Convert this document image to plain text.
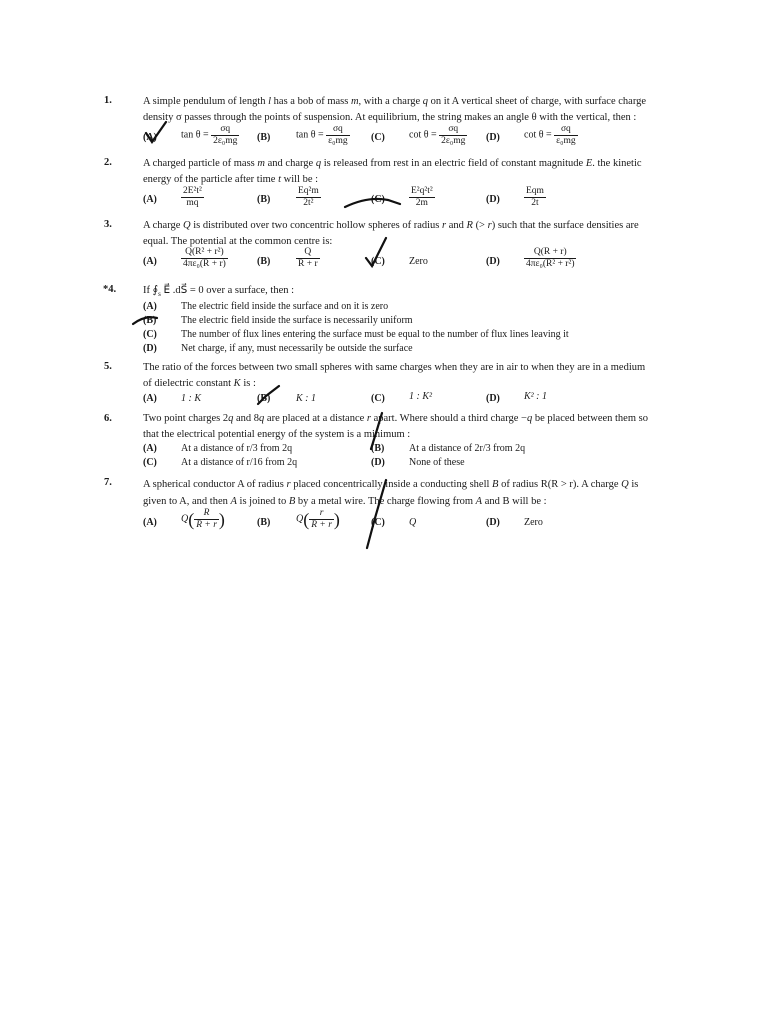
1.	A simple pendulum of length l has a bob of mass m, with a charge q on it A vertical sheet of charge, with surface charge density σ passes through the points of suspension. At equilibrium, the string makes an angle θ with the vertical, then :
(A) $\tan \theta = \frac{\sigma q}{\text{2ε₀mg}} (B)$	$\tan \theta = \frac{\sigma q}{\text{ε₀mg}} (C)$ $\cot \theta = \frac{\sigma q}{\text{2ε₀mg}} (D)$ $\cot \theta = \frac{\sigma q}{\text{ε₀mg}}$
2.	A charged particle of mass m and charge q is released from rest in an electric field of constant magnitude E. the kinetic energy of the particle after time t will be :
(A)	$\frac{\text{2E²t²}}{mq}$	(B)	$\frac{\text{Eq²m}}{\text{2t²}}$	(C)	$\frac{\text{E²q²t²}}{2m}$	(D)	$\frac{\text{Eqm}}{2t}$
3.	A charge Q is distributed over two concentric hollow spheres of radius r and R (> r) such that the surface densities are equal. The potential at the common centre is:
(A)	$\frac{\text{Q(R² + r²)}}{\text{4πε₀(R + r)}}$	(B)	$\frac{Q}{R + r}$	(C) Zero	(D)	$\frac{Q(R + r)}{\text{4πε₀(R² + r²)}}$
*4.	If $∮_s$ E⃗ .dS⃗ = 0 over a surface, then :
(A) The electric field inside the surface and on it is zero
(B) The electric field inside the surface is necessarily uniform
(C) The number of flux lines entering the surface must be equal to the number of flux lines leaving it
(D) Net charge, if any, must necessarily be outside the surface
5.	The ratio of the forces between two small spheres with same charges when they are in air to when they are in a medium of dielectric constant K is :
(A) 1 : K	(B)	K : 1	(C) 1 : K²	(D) K² : 1
6.	Two point charges 2q and 8q are placed at a distance r apart. Where should a third charge −q be placed between them so that the electrical potential energy of the system is a minimum :
(A) At a distance of r/3 from 2q	(B) At a distance of 2r/3 from 2q
(C) At a distance of r/16 from 2q	(D) None of these
7.	A spherical conductor A of radius r placed concentrically inside a conducting shell B of radius R(R > r). A charge Q is given to A, and then A is joined to B by a metal wire. The charge flowing from A and B will be :
(A) $Q( \frac{R}{R + r}$ )	(B)	$Q( \frac{r}{R + r}$ )	(C) Q	(D) Zero
